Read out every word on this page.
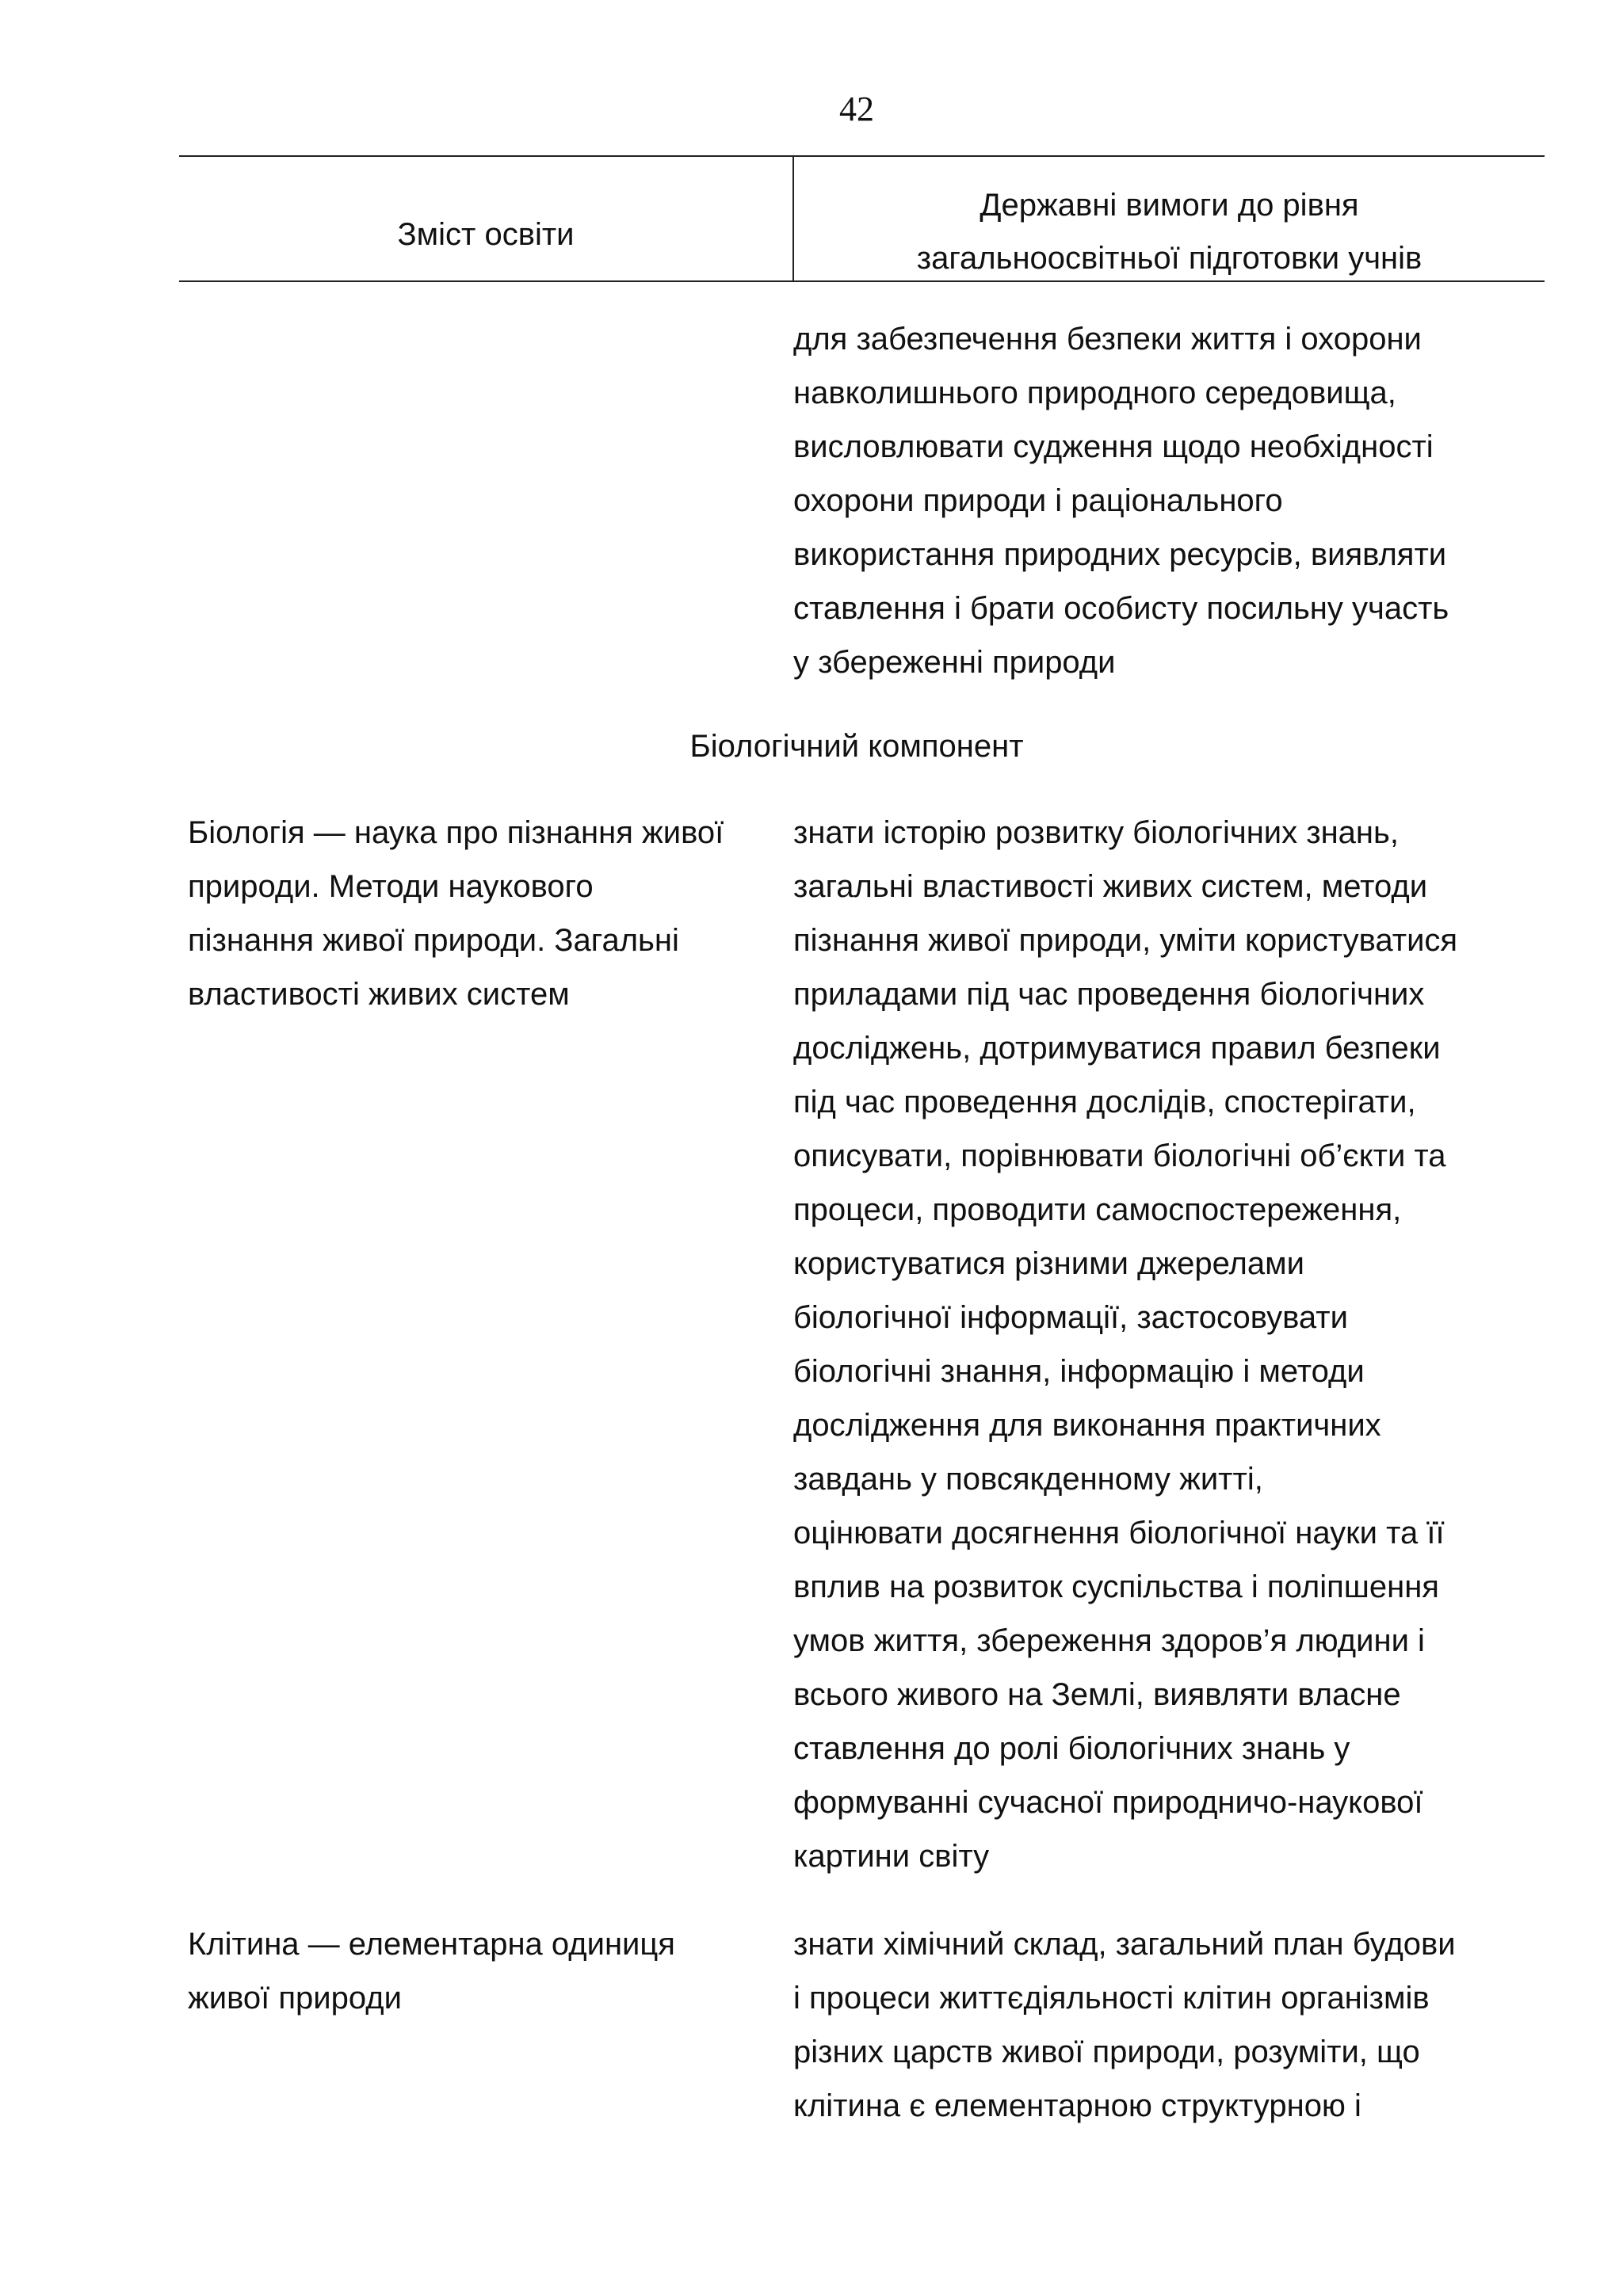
42
Зміст освіти
Державні вимоги до рівня
загальноосвітньої підготовки учнів
для забезпечення безпеки життя і охорони
навколишнього природного середовища,
висловлювати судження щодо необхідності
охорони природи і раціонального
використання природних ресурсів, виявляти
ставлення і брати особисту посильну участь
у збереженні природи
Біологічний компонент
Біологія — наука про пізнання живої
природи. Методи наукового
пізнання живої природи. Загальні
властивості живих систем
знати історію розвитку біологічних знань,
загальні властивості живих систем, методи
пізнання живої природи, уміти користуватися
приладами під час проведення біологічних
досліджень, дотримуватися правил безпеки
під час проведення дослідів, спостерігати,
описувати, порівнювати біологічні об’єкти та
процеси, проводити самоспостереження,
користуватися різними джерелами
біологічної інформації, застосовувати
біологічні знання, інформацію і методи
дослідження для виконання практичних
завдань у повсякденному житті,
оцінювати досягнення біологічної науки та її
вплив на розвиток суспільства і поліпшення
умов життя, збереження здоров’я людини і
всього живого на Землі, виявляти власне
ставлення до ролі біологічних знань у
формуванні сучасної природничо-наукової
картини світу
Клітина — елементарна одиниця
живої природи
знати хімічний склад, загальний план будови
і процеси життєдіяльності клітин організмів
різних царств живої природи, розуміти, що
клітина є елементарною структурною і
